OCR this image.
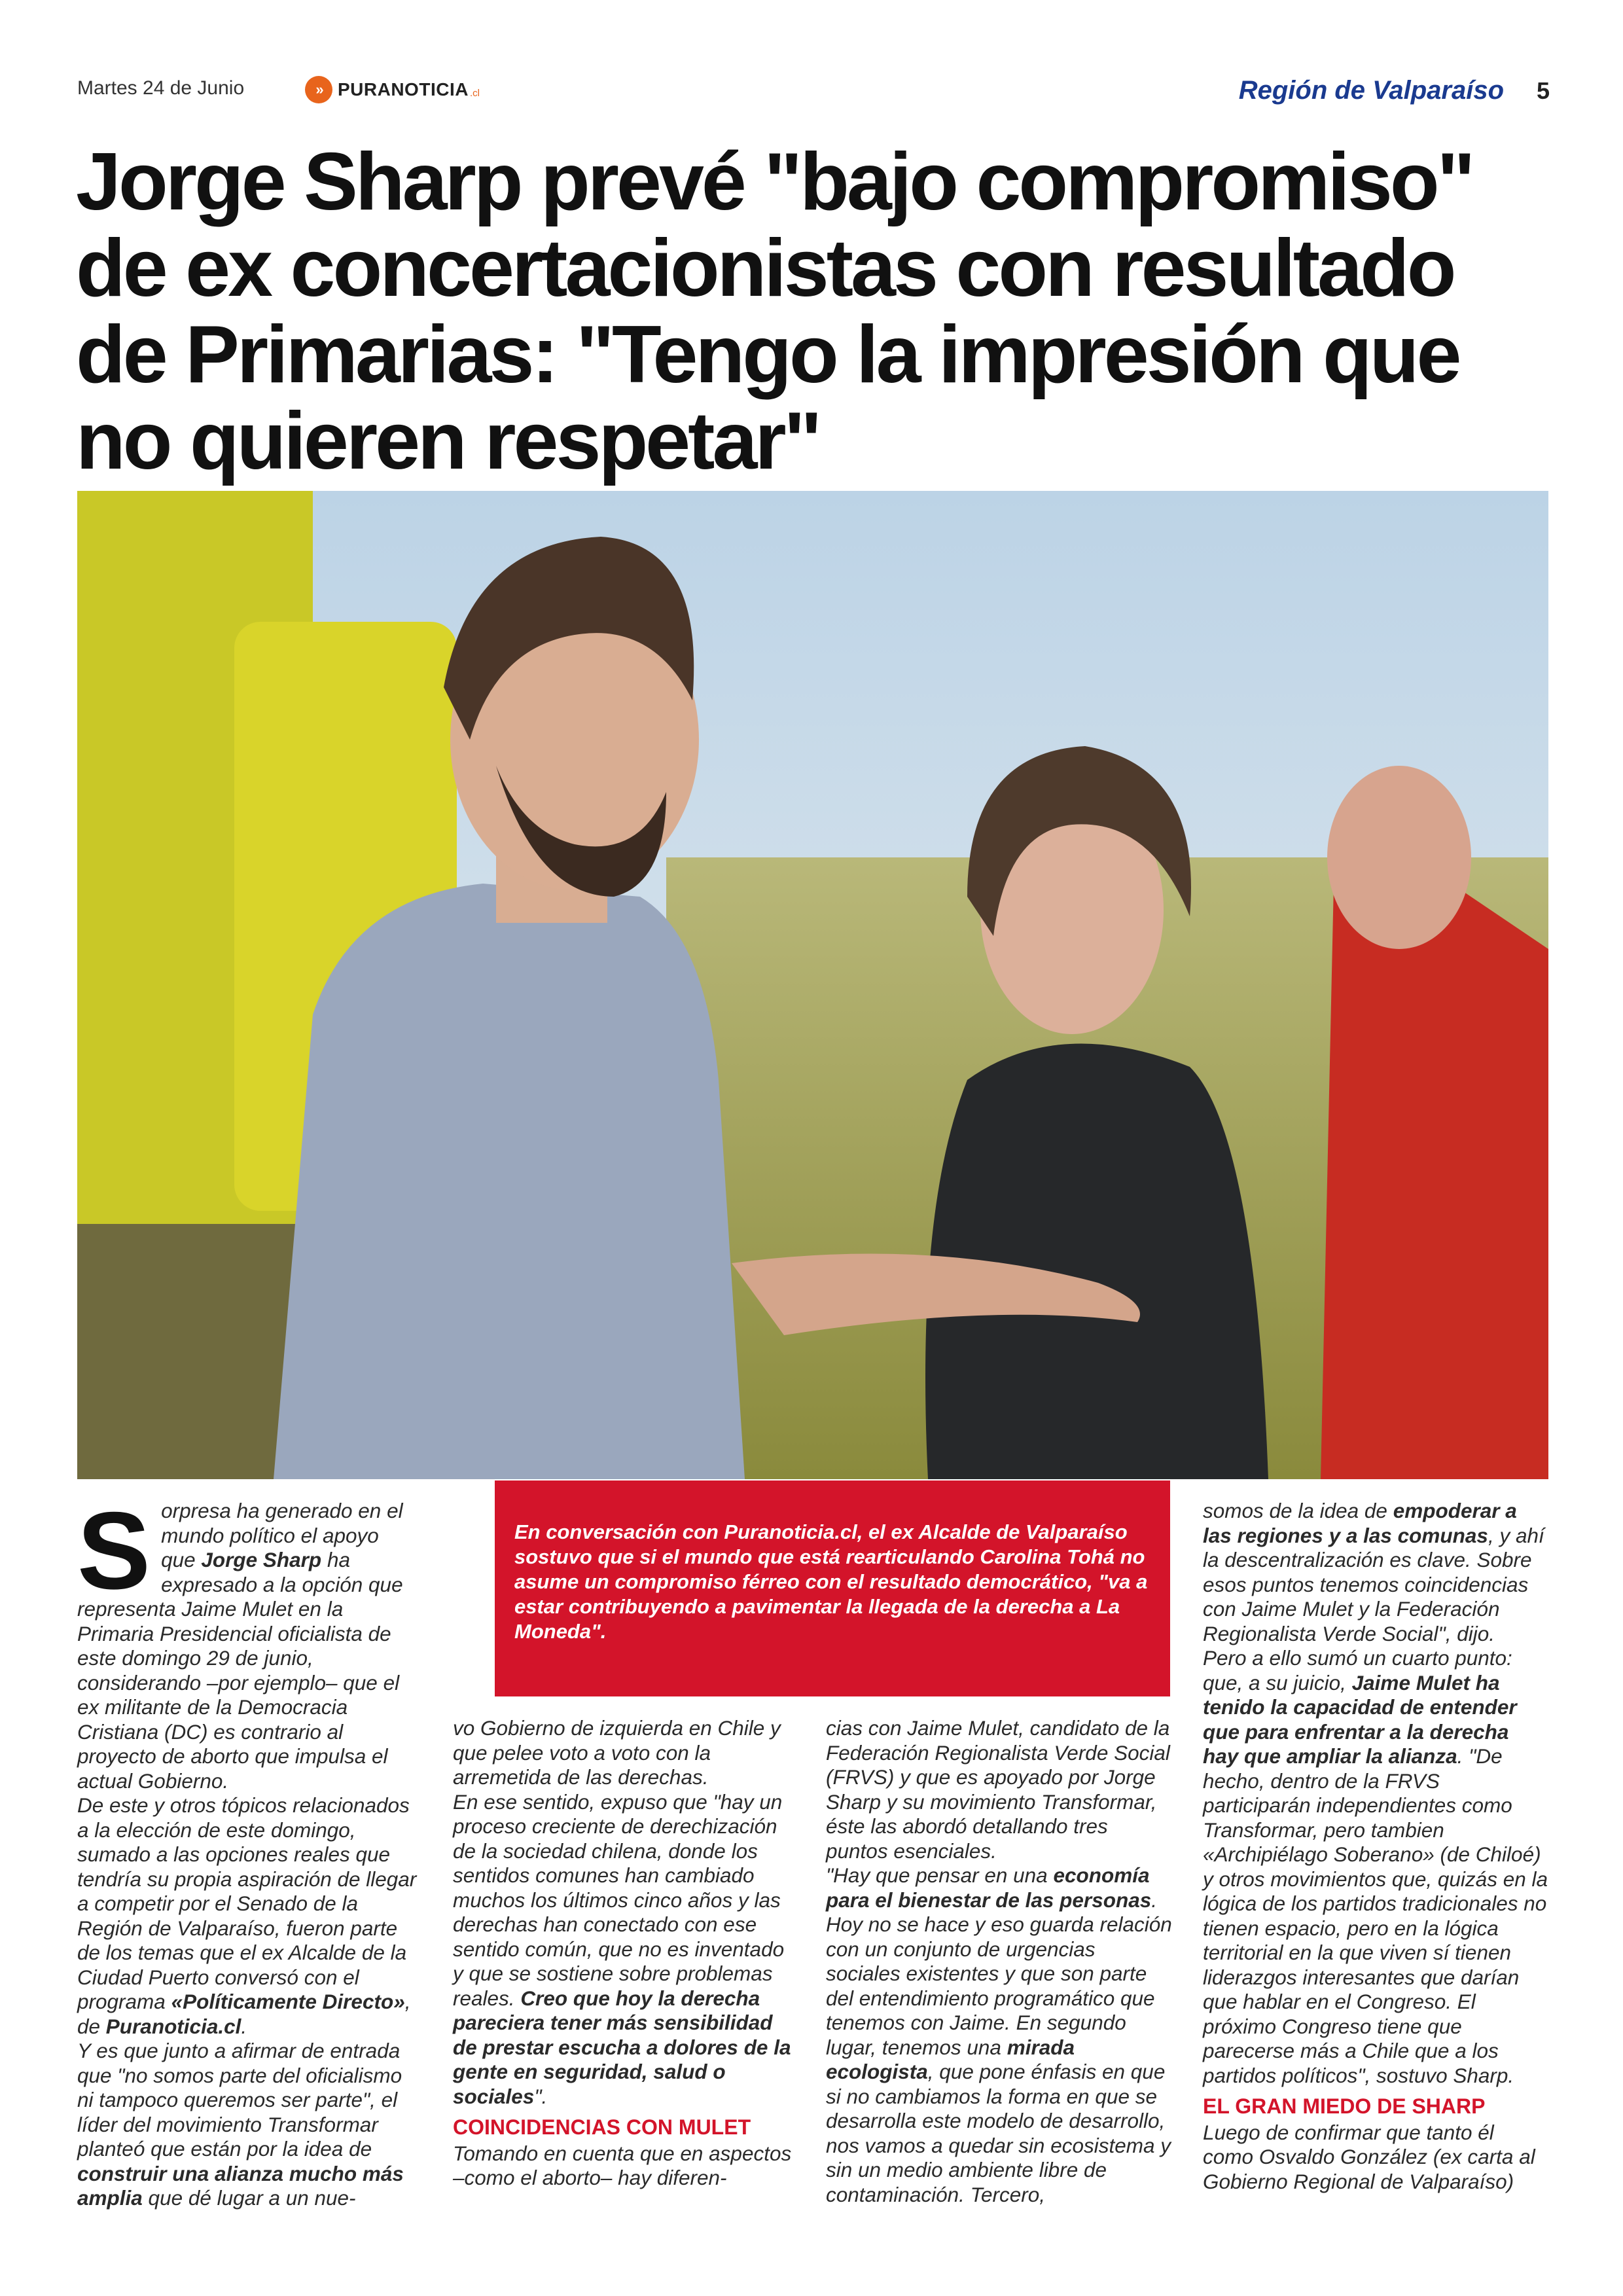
Martes 24 de Junio	» PURANOTICIA .cl	Región de Valparaíso 5
Jorge Sharp prevé "bajo compromiso" de ex concertacionistas con resultado de Primarias: "Tengo la impresión que no quieren respetar"

Sorpresa ha generado en el mundo político el apoyo que Jorge Sharp ha expresado a la opción que representa Jaime Mulet en la Primaria Presidencial oficialista de este domingo 29 de junio, considerando –por ejemplo– que el ex militante de la Democracia Cristiana (DC) es contrario al proyecto de aborto que impulsa el actual Gobierno.

De este y otros tópicos relacionados a la elección de este domingo, sumado a las opciones reales que tendría su propia aspiración de llegar a competir por el Senado de la Región de Valparaíso, fueron parte de los temas que el ex Alcalde de la Ciudad Puerto conversó con el programa «Políticamente Directo», de Puranoticia.cl.

Y es que junto a afirmar de entrada que "no somos parte del oficialismo ni tampoco queremos ser parte", el líder del movimiento Transformar planteó que están por la idea de construir una alianza mucho más amplia que dé lugar a un nue-

En conversación con Puranoticia.cl, el ex Alcalde de Valparaíso sostuvo que si el mundo que está rearticulando Carolina Tohá no asume un compromiso férreo con el resultado democrático, "va a estar contribuyendo a pavimentar la llegada de la derecha a La Moneda".

vo Gobierno de izquierda en Chile y que pelee voto a voto con la arremetida de las derechas.

En ese sentido, expuso que "hay un proceso creciente de derechización de la sociedad chilena, donde los sentidos comunes han cambiado muchos los últimos cinco años y las derechas han conectado con ese sentido común, que no es inventado y que se sostiene sobre problemas reales. Creo que hoy la derecha pareciera tener más sensibilidad de prestar escucha a dolores de la gente en seguridad, salud o sociales".

COINCIDENCIAS CON MULET

Tomando en cuenta que en aspectos –como el aborto– hay diferen-

cias con Jaime Mulet, candidato de la Federación Regionalista Verde Social (FRVS) y que es apoyado por Jorge Sharp y su movimiento Transformar, éste las abordó detallando tres puntos esenciales.

"Hay que pensar en una economía para el bienestar de las personas. Hoy no se hace y eso guarda relación con un conjunto de urgencias sociales existentes y que son parte del entendimiento programático que tenemos con Jaime. En segundo lugar, tenemos una mirada ecologista, que pone énfasis en que si no cambiamos la forma en que se desarrolla este modelo de desarrollo, nos vamos a quedar sin ecosistema y sin un medio ambiente libre de contaminación. Tercero,

somos de la idea de empoderar a las regiones y a las comunas, y ahí la descentralización es clave. Sobre esos puntos tenemos coincidencias con Jaime Mulet y la Federación Regionalista Verde Social", dijo.

Pero a ello sumó un cuarto punto: que, a su juicio, Jaime Mulet ha tenido la capacidad de entender que para enfrentar a la derecha hay que ampliar la alianza. "De hecho, dentro de la FRVS participarán independientes como Transformar, pero tambien «Archipiélago Soberano» (de Chiloé) y otros movimientos que, quizás en la lógica de los partidos tradicionales no tienen espacio, pero en la lógica territorial en la que viven sí tienen liderazgos interesantes que darían que hablar en el Congreso. El próximo Congreso tiene que parecerse más a Chile que a los partidos políticos", sostuvo Sharp.

EL GRAN MIEDO DE SHARP

Luego de confirmar que tanto él como Osvaldo González (ex carta al Gobierno Regional de Valparaíso)
